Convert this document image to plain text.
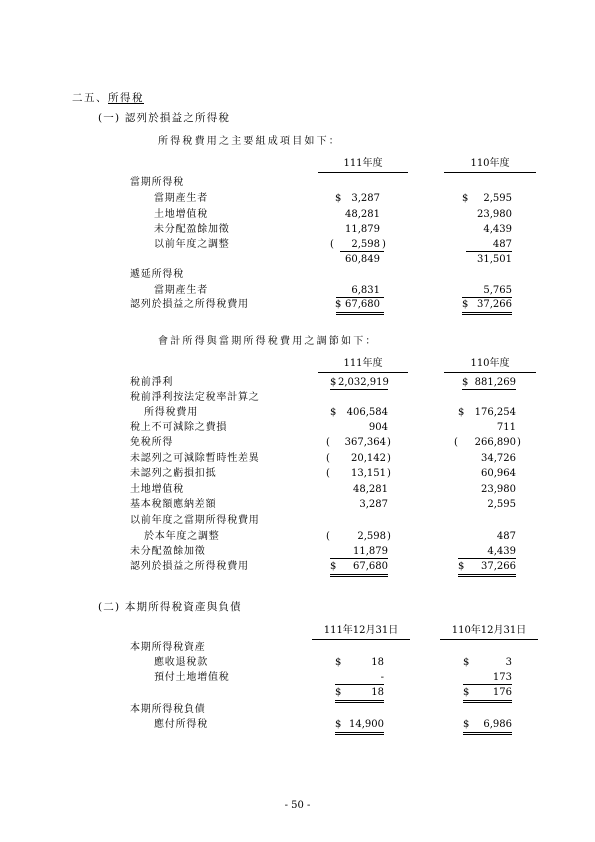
二五、所得稅
(一) 認列於損益之所得稅
所得稅費用之主要組成項目如下：
111年度	110年度
當期所得稅
當期產生者	$ 3,287	$	2,595
土地增值稅	48,281	23,980
未分配盈餘加徵	11,879	4,439
以前年度之調整	(	2,598 )	487
60,849	31,501
遞延所得稅
當期產生者	6,831	5,765
認列於損益之所得稅費用	$ 67,680	$ 37,266
會計所得與當期所得稅費用之調節如下：
111年度	110年度
稅前淨利	$ 2,032,919	$ 881,269
稅前淨利按法定稅率計算之
所得稅費用	$	406,584	$	176,254
稅上不可減除之費損	904	711
免稅所得	(	367,364 )	(	266,890 )
未認列之可減除暫時性差異	(	20,142 )	34,726
未認列之虧損扣抵	(	13,151 )	60,964
土地增值稅	48,281	23,980
基本稅額應納差額	3,287	2,595
以前年度之當期所得稅費用
於本年度之調整	(	2,598 )	487
未分配盈餘加徵	11,879	4,439
認列於損益之所得稅費用	$	67,680	$	37,266
(二) 本期所得稅資產與負債
111年12月31日	110年12月31日
本期所得稅資產
應收退稅款	$	18	$	3
預付土地增值稅	-	173
$	18	$	176
本期所得稅負債
應付所得稅	$ 14,900	$	6,986
- 50 -
